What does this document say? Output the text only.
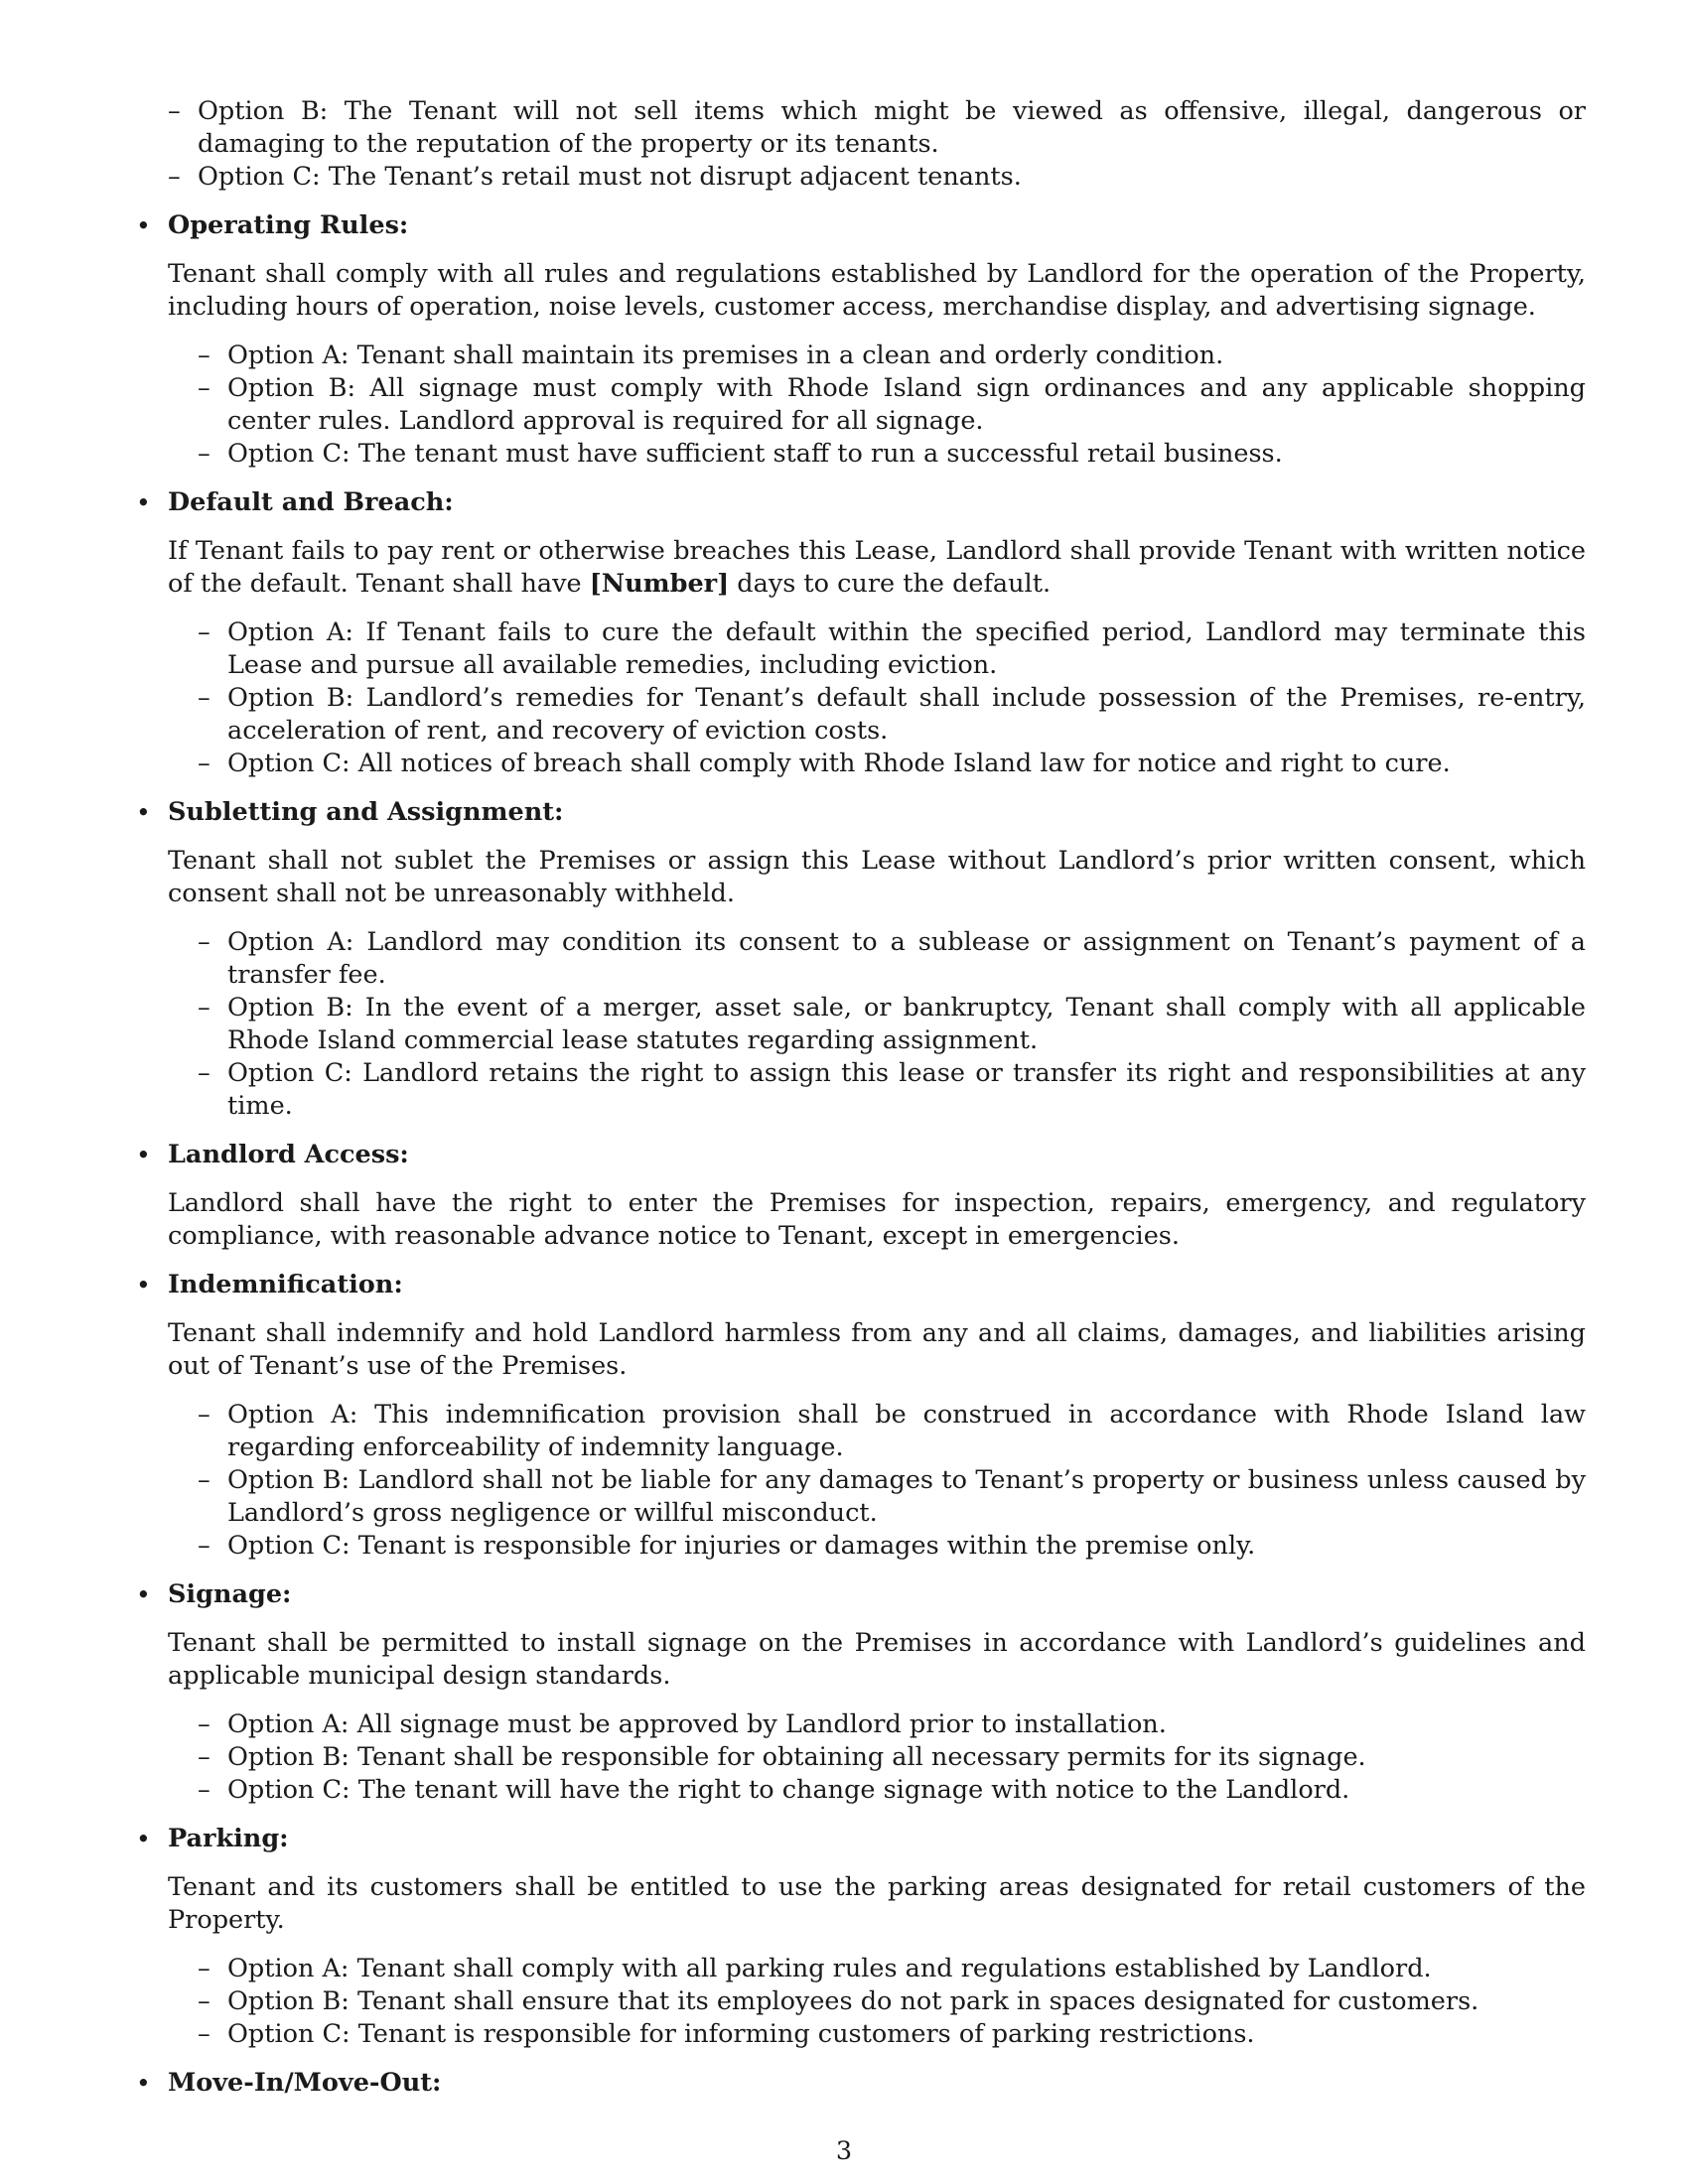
– Option B: The Tenant will not sell items which might be viewed as offensive, illegal, dangerous or damaging to the reputation of the property or its tenants.
– Option C: The Tenant’s retail must not disrupt adjacent tenants.
• Operating Rules:

Tenant shall comply with all rules and regulations established by Landlord for the operation of the Property, including hours of operation, noise levels, customer access, merchandise display, and advertising signage.

– Option A: Tenant shall maintain its premises in a clean and orderly condition.
– Option B: All signage must comply with Rhode Island sign ordinances and any applicable shopping center rules. Landlord approval is required for all signage.
– Option C: The tenant must have sufficient staff to run a successful retail business.
• Default and Breach:

If Tenant fails to pay rent or otherwise breaches this Lease, Landlord shall provide Tenant with written notice of the default. Tenant shall have [Number] days to cure the default.

– Option A: If Tenant fails to cure the default within the specified period, Landlord may terminate this Lease and pursue all available remedies, including eviction.
– Option B: Landlord’s remedies for Tenant’s default shall include possession of the Premises, re-entry, acceleration of rent, and recovery of eviction costs.
– Option C: All notices of breach shall comply with Rhode Island law for notice and right to cure.
• Subletting and Assignment:

Tenant shall not sublet the Premises or assign this Lease without Landlord’s prior written consent, which consent shall not be unreasonably withheld.

– Option A: Landlord may condition its consent to a sublease or assignment on Tenant’s payment of a transfer fee.
– Option B: In the event of a merger, asset sale, or bankruptcy, Tenant shall comply with all applicable Rhode Island commercial lease statutes regarding assignment.
– Option C: Landlord retains the right to assign this lease or transfer its right and responsibilities at any time.
• Landlord Access:

Landlord shall have the right to enter the Premises for inspection, repairs, emergency, and regulatory compliance, with reasonable advance notice to Tenant, except in emergencies.

• Indemnification:

Tenant shall indemnify and hold Landlord harmless from any and all claims, damages, and liabilities arising out of Tenant’s use of the Premises.

– Option A: This indemnification provision shall be construed in accordance with Rhode Island law regarding enforceability of indemnity language.
– Option B: Landlord shall not be liable for any damages to Tenant’s property or business unless caused by Landlord’s gross negligence or willful misconduct.
– Option C: Tenant is responsible for injuries or damages within the premise only.
• Signage:

Tenant shall be permitted to install signage on the Premises in accordance with Landlord’s guidelines and applicable municipal design standards.

– Option A: All signage must be approved by Landlord prior to installation.
– Option B: Tenant shall be responsible for obtaining all necessary permits for its signage.
– Option C: The tenant will have the right to change signage with notice to the Landlord.
• Parking:

Tenant and its customers shall be entitled to use the parking areas designated for retail customers of the Property.

– Option A: Tenant shall comply with all parking rules and regulations established by Landlord.
– Option B: Tenant shall ensure that its employees do not park in spaces designated for customers.
– Option C: Tenant is responsible for informing customers of parking restrictions.
• Move-In/Move-Out:
3
